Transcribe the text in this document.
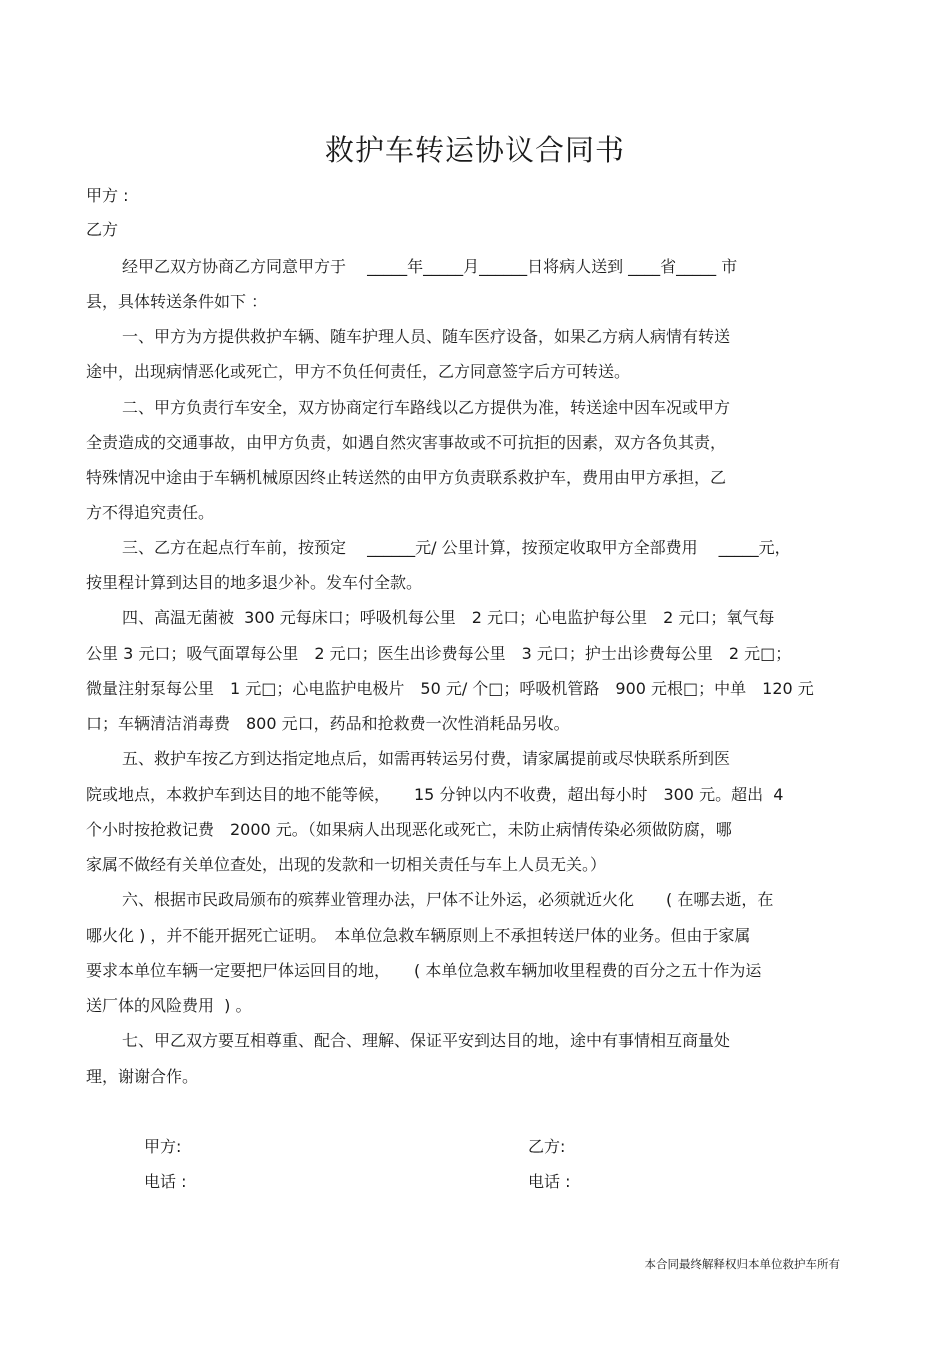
救护车转运协议合同书
甲方 :
乙方
经甲乙双方协商乙方同意甲方于　 _____年_____月______日将病人送到 ____省_____ 市
县，具体转送条件如下 ：
一、甲方为方提供救护车辆、随车护理人员、随车医疗设备，如果乙方病人病情有转送
途中，出现病情恶化或死亡，甲方不负任何责任，乙方同意签字后方可转送。
二、甲方负责行车安全，双方协商定行车路线以乙方提供为准，转送途中因车况或甲方
全责造成的交通事故，由甲方负责，如遇自然灾害事故或不可抗拒的因素，双方各负其责，
特殊情况中途由于车辆机械原因终止转送然的由甲方负责联系救护车，费用由甲方承担，乙
方不得追究责任。
三、乙方在起点行车前，按预定　 ______元/ 公里计算，按预定收取甲方全部费用　 _____元，
按里程计算到达目的地多退少补。发车付全款。
四、高温无菌被  300 元每床口；呼吸机每公里　2 元口；心电监护每公里　2 元口；氧气每
公里 3 元口；吸气面罩每公里　2 元口；医生出诊费每公里　3 元口；护士出诊费每公里　2 元□；
微量注射泵每公里　1 元□；心电监护电极片　50 元/ 个□；呼吸机管路　900 元根□；中单　120 元
口；车辆清洁消毒费　800 元口，药品和抢救费一次性消耗品另收。
五、救护车按乙方到达指定地点后，如需再转运另付费，请家属提前或尽快联系所到医
院或地点，本救护车到达目的地不能等候，　　15 分钟以内不收费，超出每小时　300 元。超出  4
个小时按抢救记费　2000 元。（如果病人出现恶化或死亡，未防止病情传染必须做防腐，哪
家属不做经有关单位查处，出现的发款和一切相关责任与车上人员无关。）
六、根据市民政局颁布的殡葬业管理办法，尸体不让外运，必须就近火化　　( 在哪去逝，在
哪火化 ) ，并不能开据死亡证明。　本单位急救车辆原则上不承担转送尸体的业务。但由于家属
要求本单位车辆一定要把尸体运回目的地，　　( 本单位急救车辆加收里程费的百分之五十作为运
送厂体的风险费用  ) 。
七、甲乙双方要互相尊重、配合、理解、保证平安到达目的地，途中有事情相互商量处
理，谢谢合作。
甲方:	乙方:
电话 :	电话 :
本合同最终解释权归本单位救护车所有
